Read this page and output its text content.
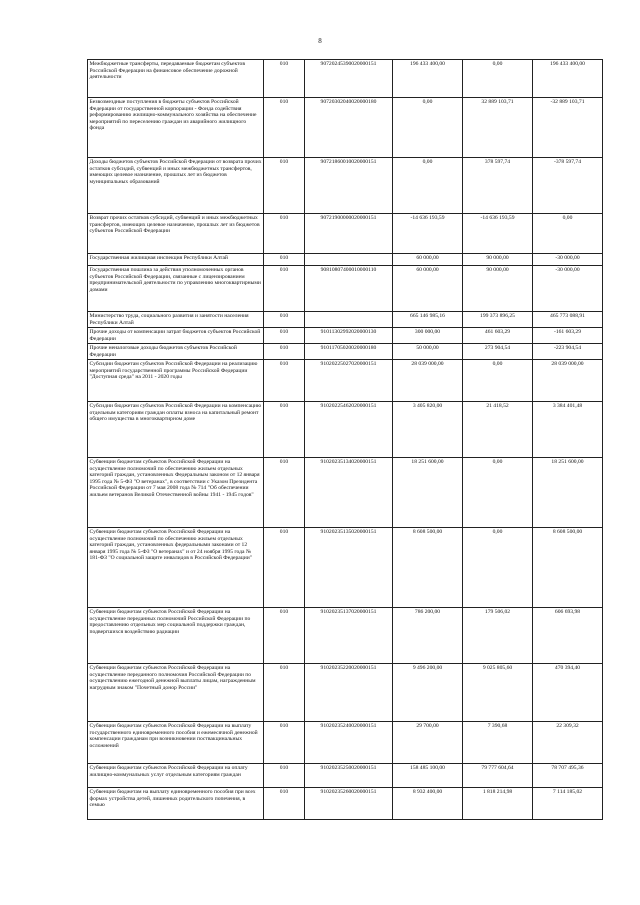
8
Межбюджетные трансферты, передаваемые бюджетам субъектов Российской Федерации на финансовое обеспечение дорожной деятельности	010	90720245390020000151	196 433 400,00	0,00	196 433 400,00
Безвозмездные поступления в бюджеты субъектов Российской Федерации от государственной корпорации - Фонда содействия реформированию жилищно-коммунального хозяйства на обеспечение мероприятий по переселению граждан из аварийного жилищного фонда	010	90720302040020000180	0,00	32 889 103,71	-32 889 103,71
Доходы бюджетов субъектов Российской Федерации от возврата прочих остатков субсидий, субвенций и иных межбюджетных трансфертов, имеющих целевое назначение, прошлых лет из бюджетов муниципальных образований	010	90721860010020000151	0,00	378 597,74	-378 597,74
Возврат прочих остатков субсидий, субвенций и иных межбюджетных трансфертов, имеющих целевое назначение, прошлых лет из бюджетов субъектов Российской Федерации	010	90721900000020000151	-14 636 193,59	-14 636 193,59	0,00
Государственная жилищная инспекция Республики Алтай	010		60 000,00	90 000,00	-30 000,00
Государственная пошлина за действия уполномоченных органов субъектов Российской Федерации, связанные с лицензированием предпринимательской деятельности по управлению многоквартирными домами	010	90810807400010000110	60 000,00	90 000,00	-30 000,00
Министерство труда, социального развития и занятости населения Республики Алтай	010		665 146 985,16	199 373 896,25	465 773 088,91
Прочие доходы от компенсации затрат бюджетов субъектов Российской Федерации	010	91011302992020000130	300 000,00	461 603,29	-161 603,29
Прочие неналоговые доходы бюджетов субъектов Российской Федерации	010	91011705020020000180	50 000,00	273 904,54	-223 904,54
Субсидии бюджетам субъектов Российской Федерации на реализацию мероприятий государственной программы Российской Федерации "Доступная среда" на 2011 - 2020 годы	010	91020225027020000151	28 039 000,00	0,00	28 039 000,00
Субсидии бюджетам субъектов Российской Федерации на компенсацию отдельным категориям граждан оплаты взноса на капитальный ремонт общего имущества в многоквартирном доме	010	91020225462020000151	3 405 820,00	21 418,52	3 384 401,48
Субвенции бюджетам субъектов Российской Федерации на осуществление полномочий по обеспечению жильем отдельных категорий граждан, установленных Федеральным законом от 12 января 1995 года № 5-ФЗ "О ветеранах", в соответствии с Указом Президента Российской Федерации от 7 мая 2008 года № 714 "Об обеспечении жильем ветеранов Великой Отечественной войны 1941 - 1945 годов"	010	91020235134020000151	18 251 600,00	0,00	18 251 600,00
Субвенции бюджетам субъектов Российской Федерации на осуществление полномочий по обеспечению жильем отдельных категорий граждан, установленных федеральными законами от 12 января 1995 года № 5-ФЗ "О ветеранах" и от 24 ноября 1995 года № 181-ФЗ "О социальной защите инвалидов в Российской Федерации"	010	91020235135020000151	8 608 500,00	0,00	8 608 500,00
Субвенции бюджетам субъектов Российской Федерации на осуществление переданных полномочий Российской Федерации по предоставлению отдельных мер социальной поддержки граждан, подвергшихся воздействию радиации	010	91020235137020000151	786 200,00	179 506,02	606 693,98
Субвенции бюджетам субъектов Российской Федерации на осуществление переданного полномочия Российской Федерации по осуществлению ежегодной денежной выплаты лицам, награжденным нагрудным знаком "Почетный донор России"	010	91020235220020000151	9 496 200,00	9 025 805,60	470 394,40
Субвенции бюджетам субъектов Российской Федерации на выплату государственного единовременного пособия и ежемесячной денежной компенсации гражданам при возникновении поствакцинальных осложнений	010	91020235240020000151	29 700,00	7 390,68	22 309,32
Субвенции бюджетам субъектов Российской Федерации на оплату жилищно-коммунальных услуг отдельным категориям граждан	010	91020235250020000151	158 485 100,00	79 777 604,64	78 707 495,36
Субвенции бюджетам на выплату единовременного пособия при всех формах устройства детей, лишенных родительского попечения, в семью	010	91020235260020000151	8 932 400,00	1 818 214,98	7 114 185,02
